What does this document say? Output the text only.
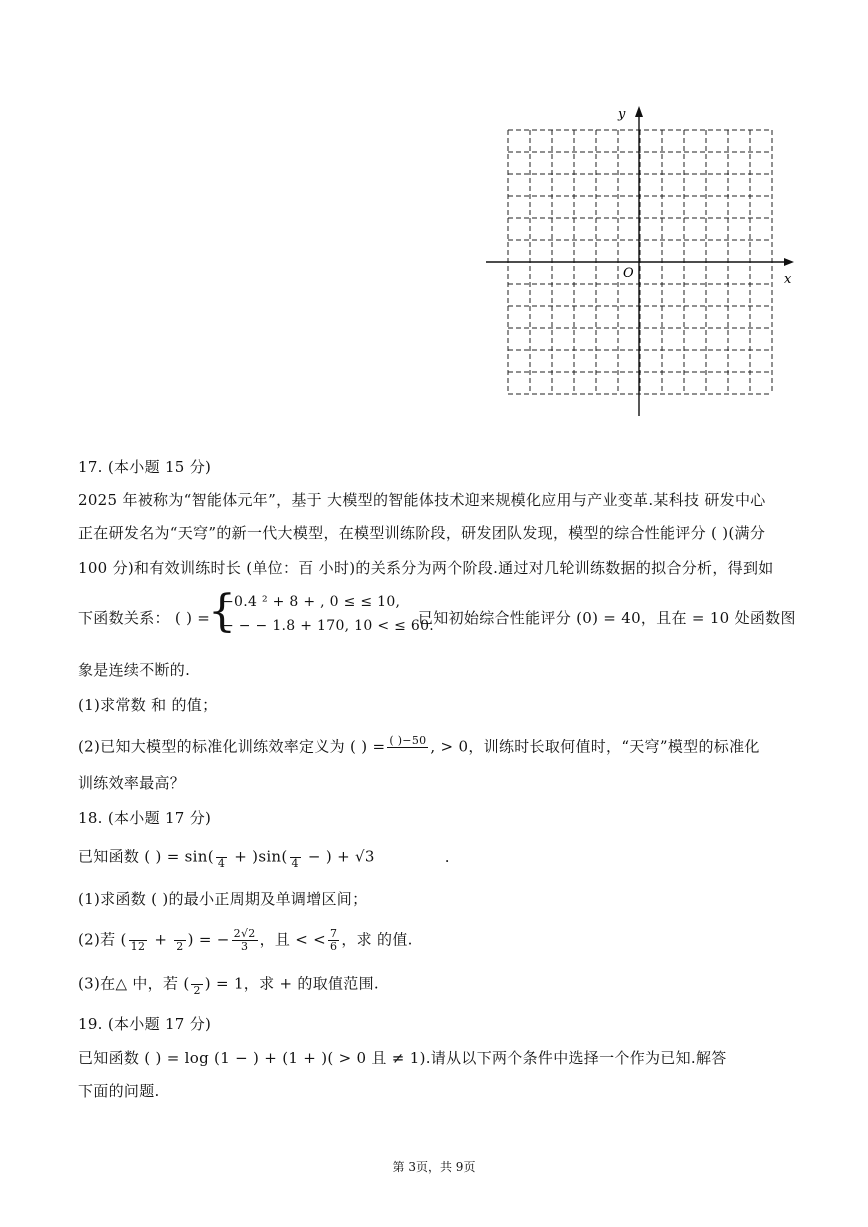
y
x
O
17. (本小题 15 分)
2025 年被称为“智能体元年”，基于 大模型的智能体技术迎来规模化应用与产业变革.某科技 研发中心
正在研发名为“天穹”的新一代大模型，在模型训练阶段，研发团队发现，模型的综合性能评分 ( )(满分
100 分)和有效训练时长 (单位：百 小时)的关系分为两个阶段.通过对几轮训练数据的拟合分析，得到如
下函数关系： ( ) =
{
−0.4 ² + 8 + , 0 ≤ ≤ 10,
− − − 1.8 + 170, 10 < ≤ 60.
已知初始综合性能评分 (0) = 40，且在 = 10 处函数图
象是连续不断的.
(1)求常数 和 的值；
(2)已知大模型的标准化训练效率定义为 ( ) = ( )−50
, > 0，训练时长取何值时，“天穹”模型的标准化
训练效率最高？
18. (本小题 17 分)
已知函数 ( ) = sin(
4 + )sin(
4 − ) + √3	.
(1)求函数 ( )的最小正周期及单调增区间；
(2)若 (
12 +
2 ) = − $\frac{2√2}{3}$ ，且 < < $\frac{7}{6}$ ，求 的值.
(3)在△ 中，若 (
2 ) = 1，求 + 的取值范围.
19. (本小题 17 分)
已知函数 ( ) = log (1 − ) + (1 + )( > 0 且 ≠ 1).请从以下两个条件中选择一个作为已知.解答
下面的问题.
第 3页，共 9页
